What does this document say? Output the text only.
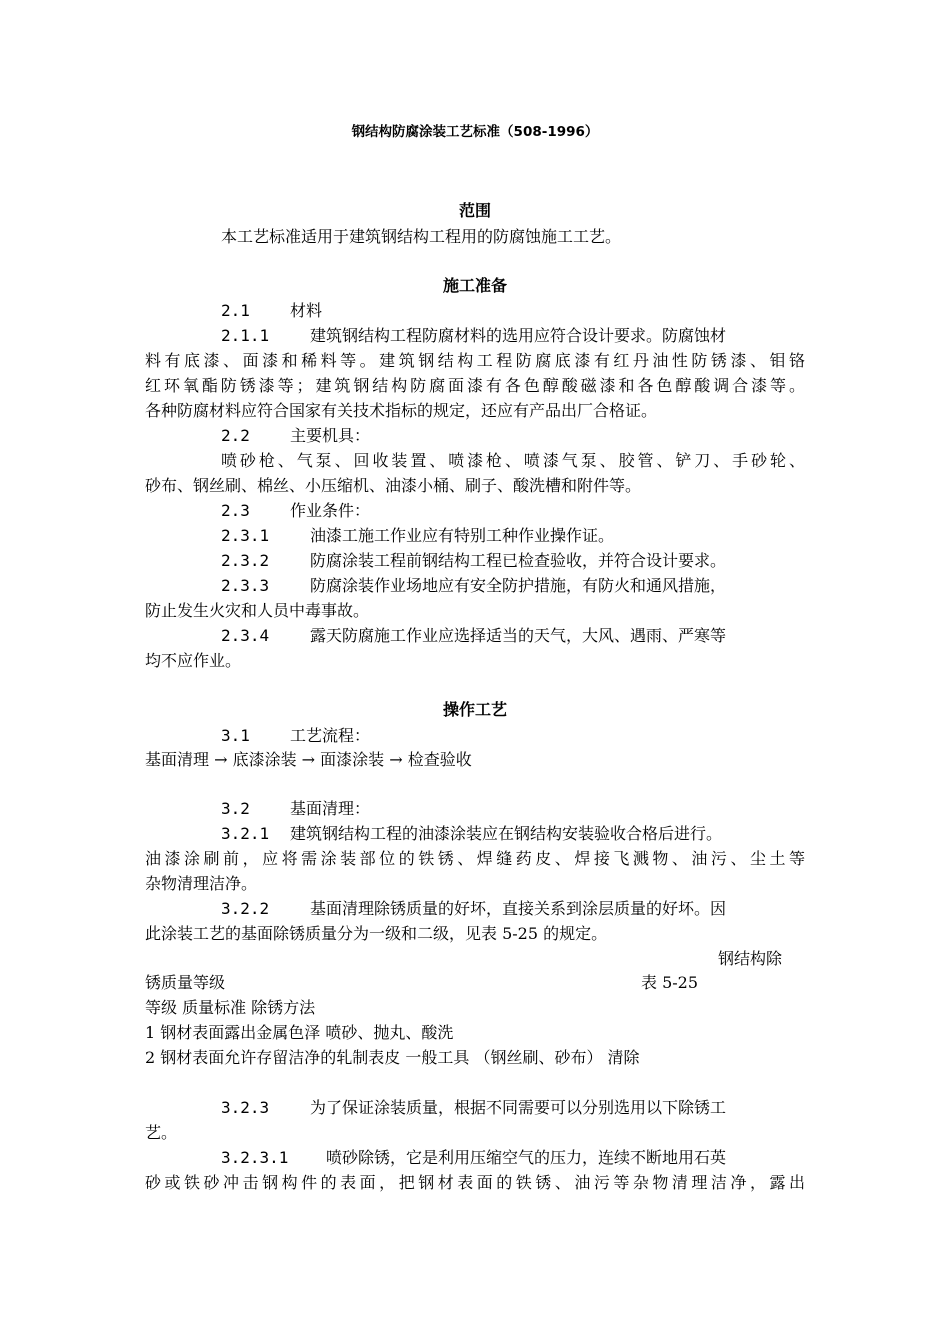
钢结构防腐涂装工艺标准（508-1996）
范围
本工艺标准适用于建筑钢结构工程用的防腐蚀施工工艺。
施工准备
2.1	材料
2.1.1	建筑钢结构工程防腐材料的选用应符合设计要求。防腐蚀材
料有底漆、面漆和稀料等。建筑钢结构工程防腐底漆有红丹油性防锈漆、钼铬
红环氧酯防锈漆等；建筑钢结构防腐面漆有各色醇酸磁漆和各色醇酸调合漆等。
各种防腐材料应符合国家有关技术指标的规定，还应有产品出厂合格证。
2.2	主要机具：
喷砂枪、气泵、回收装置、喷漆枪、喷漆气泵、胶管、铲刀、手砂轮、
砂布、钢丝刷、棉丝、小压缩机、油漆小桶、刷子、酸洗槽和附件等。
2.3	作业条件：
2.3.1	油漆工施工作业应有特别工种作业操作证。
2.3.2	防腐涂装工程前钢结构工程已检查验收，并符合设计要求。
2.3.3	防腐涂装作业场地应有安全防护措施，有防火和通风措施，
防止发生火灾和人员中毒事故。
2.3.4	露天防腐施工作业应选择适当的天气，大风、遇雨、严寒等
均不应作业。
操作工艺
3.1	工艺流程：
基面清理 → 底漆涂装 → 面漆涂装 → 检查验收
3.2	基面清理：
3.2.1 建筑钢结构工程的油漆涂装应在钢结构安装验收合格后进行。
油漆涂刷前，应将需涂装部位的铁锈、焊缝药皮、焊接飞溅物、油污、尘土等
杂物清理洁净。
3.2.2	基面清理除锈质量的好坏，直接关系到涂层质量的好坏。因
此涂装工艺的基面除锈质量分为一级和二级，见表 5-25 的规定。
钢结构除
锈质量等级	表 5-25
等级 质量标准 除锈方法
1 钢材表面露出金属色泽 喷砂、抛丸、酸洗
2 钢材表面允许存留洁净的轧制表皮 一般工具 （钢丝刷、砂布） 清除
3.2.3	为了保证涂装质量，根据不同需要可以分别选用以下除锈工
艺。
3.2.3.1 喷砂除锈，它是利用压缩空气的压力，连续不断地用石英
砂或铁砂冲击钢构件的表面，把钢材表面的铁锈、油污等杂物清理洁净，露出
